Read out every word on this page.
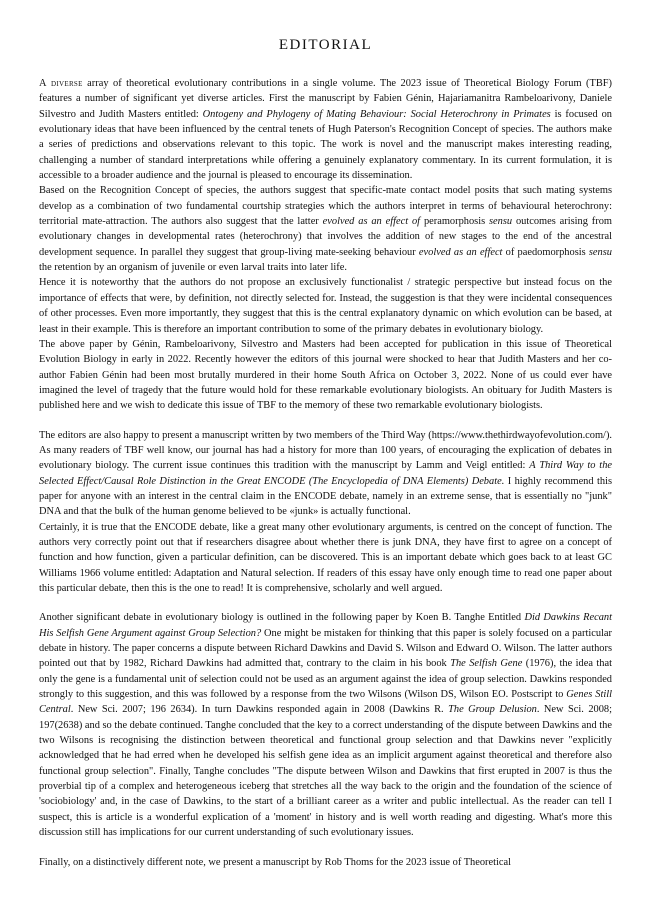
EDITORIAL

A diverse array of theoretical evolutionary contributions in a single volume. The 2023 issue of Theoretical Biology Forum (TBF) features a number of significant yet diverse articles. First the manuscript by Fabien Génin, Hajariamanitra Rambeloarivony, Daniele Silvestro and Judith Masters entitled: Ontogeny and Phylogeny of Mating Behaviour: Social Heterochrony in Primates is focused on evolutionary ideas that have been influenced by the central tenets of Hugh Paterson's Recognition Concept of species. The authors make a series of predictions and observations relevant to this topic. The work is novel and the manuscript makes interesting reading, challenging a number of standard interpretations while offering a genuinely explanatory commentary. In its current formulation, it is accessible to a broader audience and the journal is pleased to encourage its dissemination.

Based on the Recognition Concept of species, the authors suggest that specific-mate contact model posits that such mating systems develop as a combination of two fundamental courtship strategies which the authors interpret in terms of behavioural heterochrony: territorial mate-attraction. The authors also suggest that the latter evolved as an effect of peramorphosis sensu outcomes arising from evolutionary changes in developmental rates (heterochrony) that involves the addition of new stages to the end of the ancestral development sequence. In parallel they suggest that group-living mate-seeking behaviour evolved as an effect of paedomorphosis sensu the retention by an organism of juvenile or even larval traits into later life.

Hence it is noteworthy that the authors do not propose an exclusively functionalist / strategic perspective but instead focus on the importance of effects that were, by definition, not directly selected for. Instead, the suggestion is that they were incidental consequences of other processes. Even more importantly, they suggest that this is the central explanatory dynamic on which evolution can be based, at least in their example. This is therefore an important contribution to some of the primary debates in evolutionary biology.

The above paper by Génin, Rambeloarivony, Silvestro and Masters had been accepted for publication in this issue of Theoretical Evolution Biology in early in 2022. Recently however the editors of this journal were shocked to hear that Judith Masters and her co-author Fabien Génin had been most brutally murdered in their home South Africa on October 3, 2022. None of us could ever have imagined the level of tragedy that the future would hold for these remarkable evolutionary biologists. An obituary for Judith Masters is published here and we wish to dedicate this issue of TBF to the memory of these two remarkable evolutionary biologists.

The editors are also happy to present a manuscript written by two members of the Third Way (https://www.thethirdwayofevolution.com/). As many readers of TBF well know, our journal has had a history for more than 100 years, of encouraging the explication of debates in evolutionary biology. The current issue continues this tradition with the manuscript by Lamm and Veigl entitled: A Third Way to the Selected Effect/Causal Role Distinction in the Great ENCODE (The Encyclopedia of DNA Elements) Debate. I highly recommend this paper for anyone with an interest in the central claim in the ENCODE debate, namely in an extreme sense, that is essentially no "junk" DNA and that the bulk of the human genome believed to be «junk» is actually functional.

Certainly, it is true that the ENCODE debate, like a great many other evolutionary arguments, is centred on the concept of function. The authors very correctly point out that if researchers disagree about whether there is junk DNA, they have first to agree on a concept of function and how function, given a particular definition, can be discovered. This is an important debate which goes back to at least GC Williams 1966 volume entitled: Adaptation and Natural selection. If readers of this essay have only enough time to read one paper about this particular debate, then this is the one to read! It is comprehensive, scholarly and well argued.

Another significant debate in evolutionary biology is outlined in the following paper by Koen B. Tanghe Entitled Did Dawkins Recant His Selfish Gene Argument against Group Selection? One might be mistaken for thinking that this paper is solely focused on a particular debate in history. The paper concerns a dispute between Richard Dawkins and David S. Wilson and Edward O. Wilson. The latter authors pointed out that by 1982, Richard Dawkins had admitted that, contrary to the claim in his book The Selfish Gene (1976), the idea that only the gene is a fundamental unit of selection could not be used as an argument against the idea of group selection. Dawkins responded strongly to this suggestion, and this was followed by a response from the two Wilsons (Wilson DS, Wilson EO. Postscript to Genes Still Central. New Sci. 2007; 196 2634). In turn Dawkins responded again in 2008 (Dawkins R. The Group Delusion. New Sci. 2008; 197(2638) and so the debate continued. Tanghe concluded that the key to a correct understanding of the dispute between Dawkins and the two Wilsons is recognising the distinction between theoretical and functional group selection and that Dawkins never "explicitly acknowledged that he had erred when he developed his selfish gene idea as an implicit argument against theoretical and therefore also functional group selection". Finally, Tanghe concludes "The dispute between Wilson and Dawkins that first erupted in 2007 is thus the proverbial tip of a complex and heterogeneous iceberg that stretches all the way back to the origin and the foundation of the science of 'sociobiology' and, in the case of Dawkins, to the start of a brilliant career as a writer and public intellectual. As the reader can tell I suspect, this is article is a wonderful explication of a 'moment' in history and is well worth reading and digesting. What's more this discussion still has implications for our current understanding of such evolutionary issues.

Finally, on a distinctively different note, we present a manuscript by Rob Thoms for the 2023 issue of Theoretical
